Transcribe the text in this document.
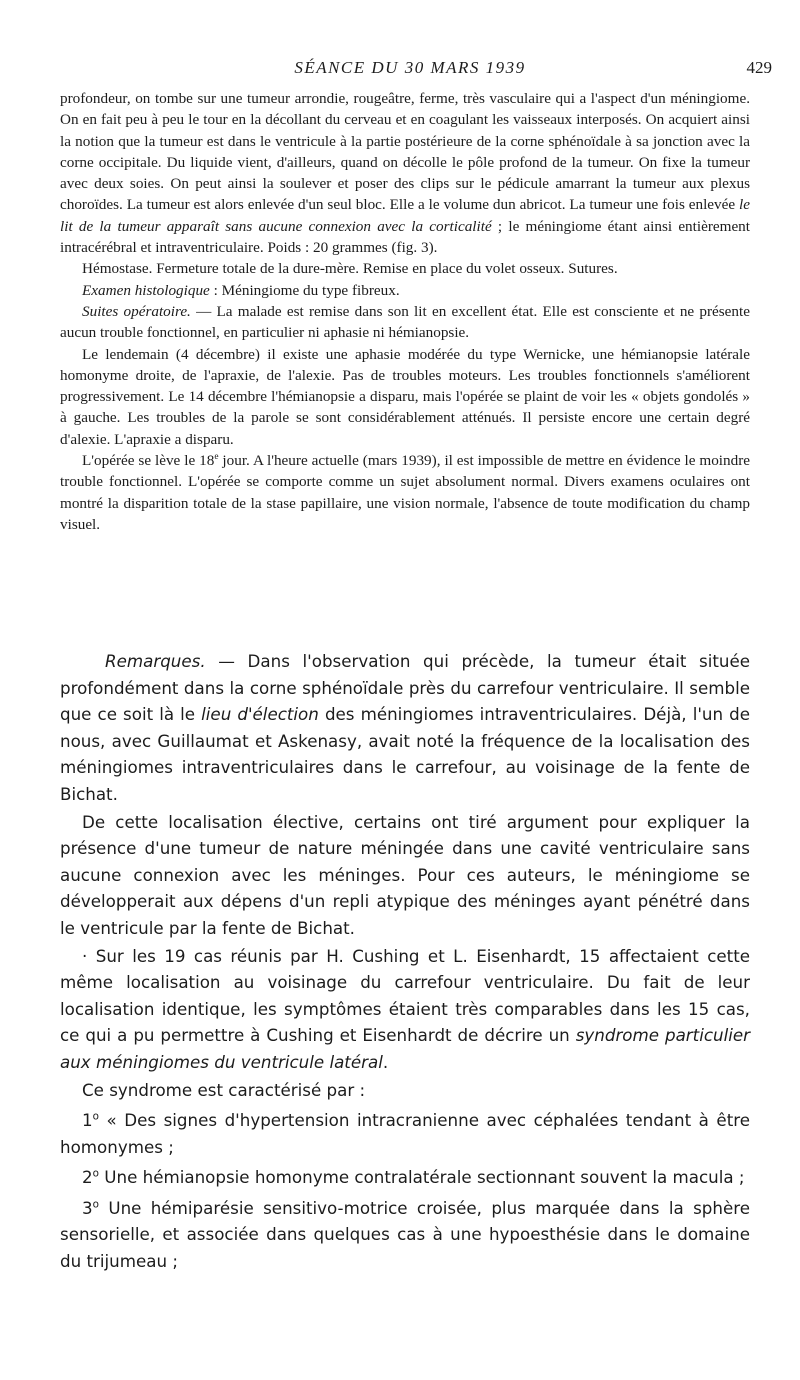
SÉANCE DU 30 MARS 1939	429

profondeur, on tombe sur une tumeur arrondie, rougeâtre, ferme, très vasculaire qui a l'aspect d'un méningiome. On en fait peu à peu le tour en la décollant du cerveau et en coagulant les vaisseaux interposés. On acquiert ainsi la notion que la tumeur est dans le ventricule à la partie postérieure de la corne sphénoïdale à sa jonction avec la corne occipitale. Du liquide vient, d'ailleurs, quand on décolle le pôle profond de la tumeur. On fixe la tumeur avec deux soies. On peut ainsi la soulever et poser des clips sur le pédicule amarrant la tumeur aux plexus choroïdes. La tumeur est alors enlevée d'un seul bloc. Elle a le volume dun abricot. La tumeur une fois enlevée le lit de la tumeur apparaît sans aucune connexion avec la corticalité ; le méningiome étant ainsi entièrement intracérébral et intraventriculaire. Poids : 20 grammes (fig. 3).

Hémostase. Fermeture totale de la dure-mère. Remise en place du volet osseux. Sutures.

Examen histologique : Méningiome du type fibreux.

Suites opératoire. — La malade est remise dans son lit en excellent état. Elle est consciente et ne présente aucun trouble fonctionnel, en particulier ni aphasie ni hémianopsie.

Le lendemain (4 décembre) il existe une aphasie modérée du type Wernicke, une hémianopsie latérale homonyme droite, de l'apraxie, de l'alexie. Pas de troubles moteurs. Les troubles fonctionnels s'améliorent progressivement. Le 14 décembre l'hémianopsie a disparu, mais l'opérée se plaint de voir les « objets gondolés » à gauche. Les troubles de la parole se sont considérablement atténués. Il persiste encore une certain degré d'alexie. L'apraxie a disparu.

L'opérée se lève le 18e jour. A l'heure actuelle (mars 1939), il est impossible de mettre en évidence le moindre trouble fonctionnel. L'opérée se comporte comme un sujet absolument normal. Divers examens oculaires ont montré la disparition totale de la stase papillaire, une vision normale, l'absence de toute modification du champ visuel.

Remarques. — Dans l'observation qui précède, la tumeur était située profondément dans la corne sphénoïdale près du carrefour ventriculaire. Il semble que ce soit là le lieu d'élection des méningiomes intraventriculaires. Déjà, l'un de nous, avec Guillaumat et Askenasy, avait noté la fréquence de la localisation des méningiomes intraventriculaires dans le carrefour, au voisinage de la fente de Bichat.

De cette localisation élective, certains ont tiré argument pour expliquer la présence d'une tumeur de nature méningée dans une cavité ventriculaire sans aucune connexion avec les méninges. Pour ces auteurs, le méningiome se développerait aux dépens d'un repli atypique des méninges ayant pénétré dans le ventricule par la fente de Bichat.

· Sur les 19 cas réunis par H. Cushing et L. Eisenhardt, 15 affectaient cette même localisation au voisinage du carrefour ventriculaire. Du fait de leur localisation identique, les symptômes étaient très comparables dans les 15 cas, ce qui a pu permettre à Cushing et Eisenhardt de décrire un syndrome particulier aux méningiomes du ventricule latéral.

Ce syndrome est caractérisé par :

1$^o$ « Des signes d'hypertension intracranienne avec céphalées tendant à être homonymes ;

2$^o$ Une hémianopsie homonyme contralatérale sectionnant souvent la macula ;

3$^o$ Une hémiparésie sensitivo-motrice croisée, plus marquée dans la sphère sensorielle, et associée dans quelques cas à une hypoesthésie dans le domaine du trijumeau ;
